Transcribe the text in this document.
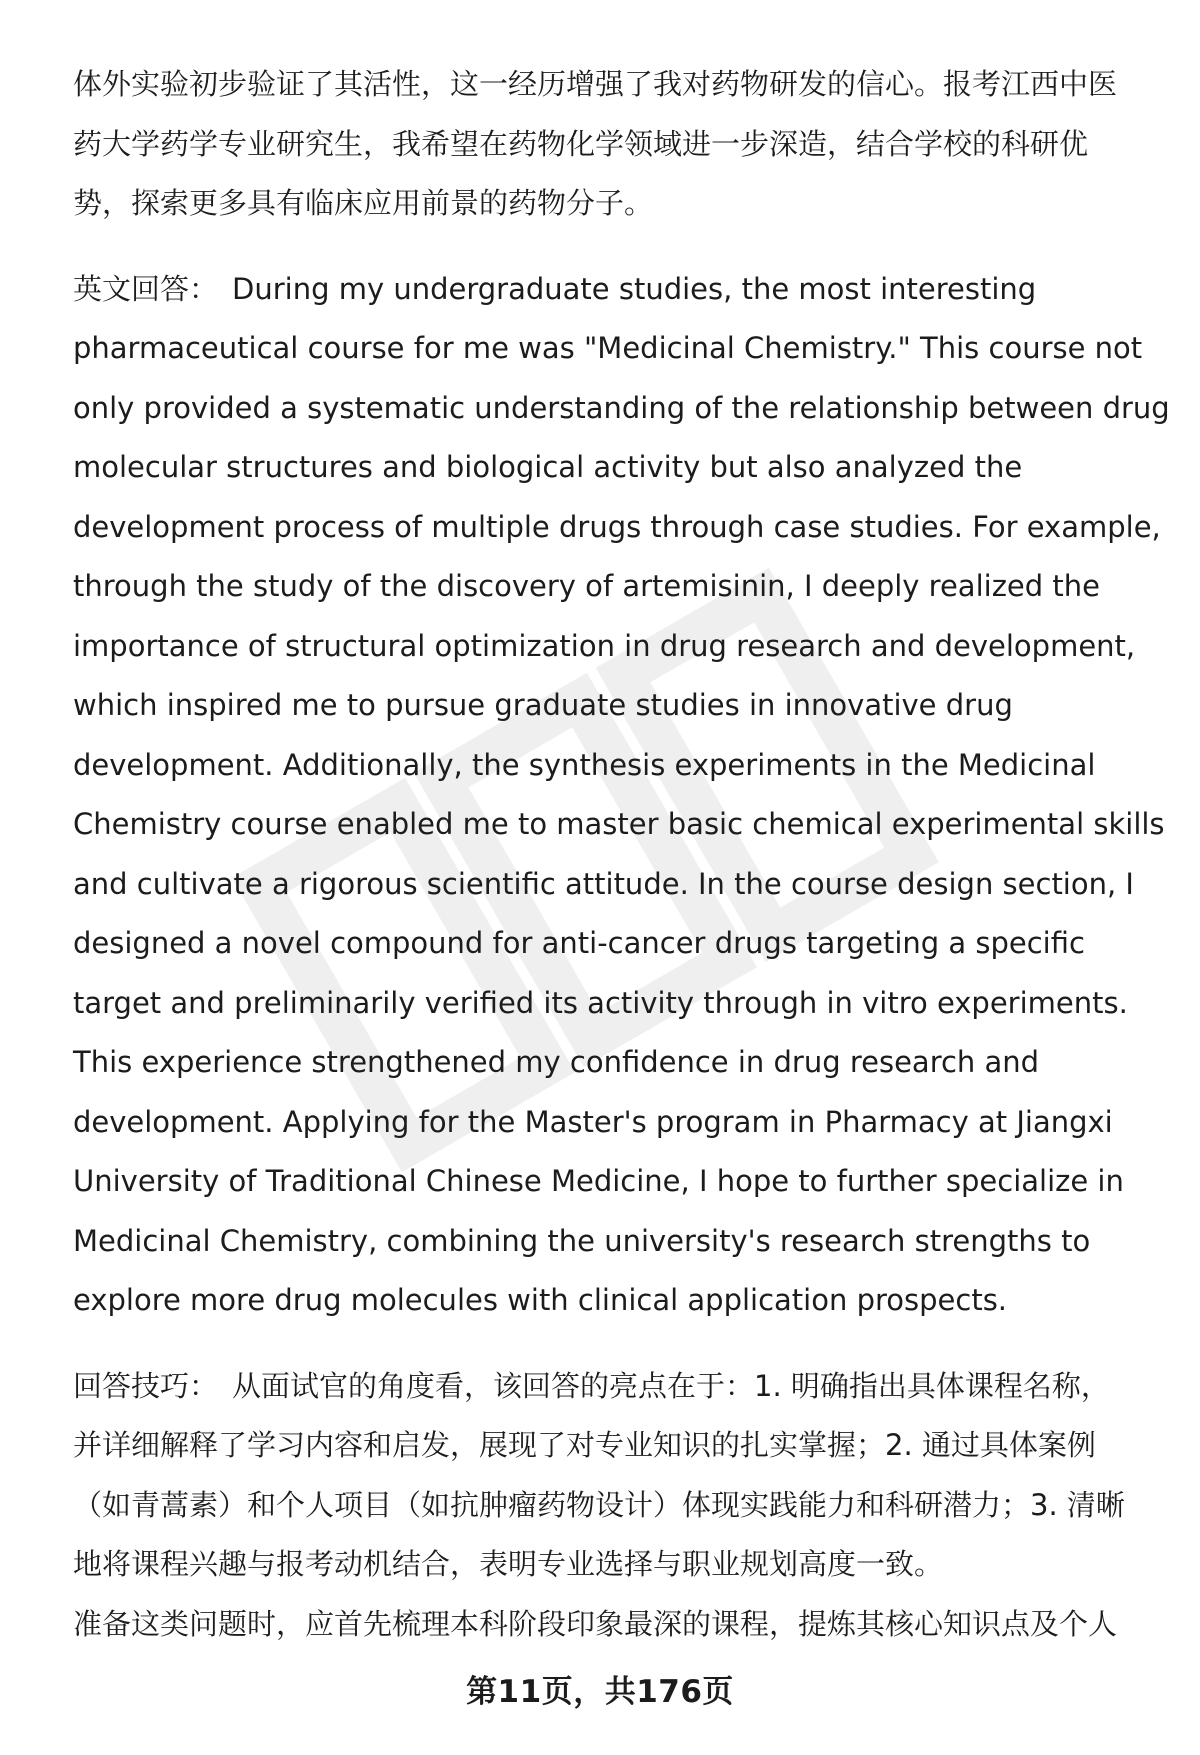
体外实验初步验证了其活性，这一经历增强了我对药物研发的信心。报考江西中医
药大学药学专业研究生，我希望在药物化学领域进一步深造，结合学校的科研优
势，探索更多具有临床应用前景的药物分子。

英文回答： During my undergraduate studies, the most interesting
pharmaceutical course for me was "Medicinal Chemistry." This course not
only provided a systematic understanding of the relationship between drug
molecular structures and biological activity but also analyzed the
development process of multiple drugs through case studies. For example,
through the study of the discovery of artemisinin, I deeply realized the
importance of structural optimization in drug research and development,
which inspired me to pursue graduate studies in innovative drug
development. Additionally, the synthesis experiments in the Medicinal
Chemistry course enabled me to master basic chemical experimental skills
and cultivate a rigorous scientific attitude. In the course design section, I
designed a novel compound for anti-cancer drugs targeting a specific
target and preliminarily verified its activity through in vitro experiments.
This experience strengthened my confidence in drug research and
development. Applying for the Master's program in Pharmacy at Jiangxi
University of Traditional Chinese Medicine, I hope to further specialize in
Medicinal Chemistry, combining the university's research strengths to
explore more drug molecules with clinical application prospects.

回答技巧： 从面试官的角度看，该回答的亮点在于：1. 明确指出具体课程名称，
并详细解释了学习内容和启发，展现了对专业知识的扎实掌握；2. 通过具体案例
（如青蒿素）和个人项目（如抗肿瘤药物设计）体现实践能力和科研潜力；3. 清晰
地将课程兴趣与报考动机结合，表明专业选择与职业规划高度一致。

准备这类问题时，应首先梳理本科阶段印象最深的课程，提炼其核心知识点及个人

第11页，共176页
